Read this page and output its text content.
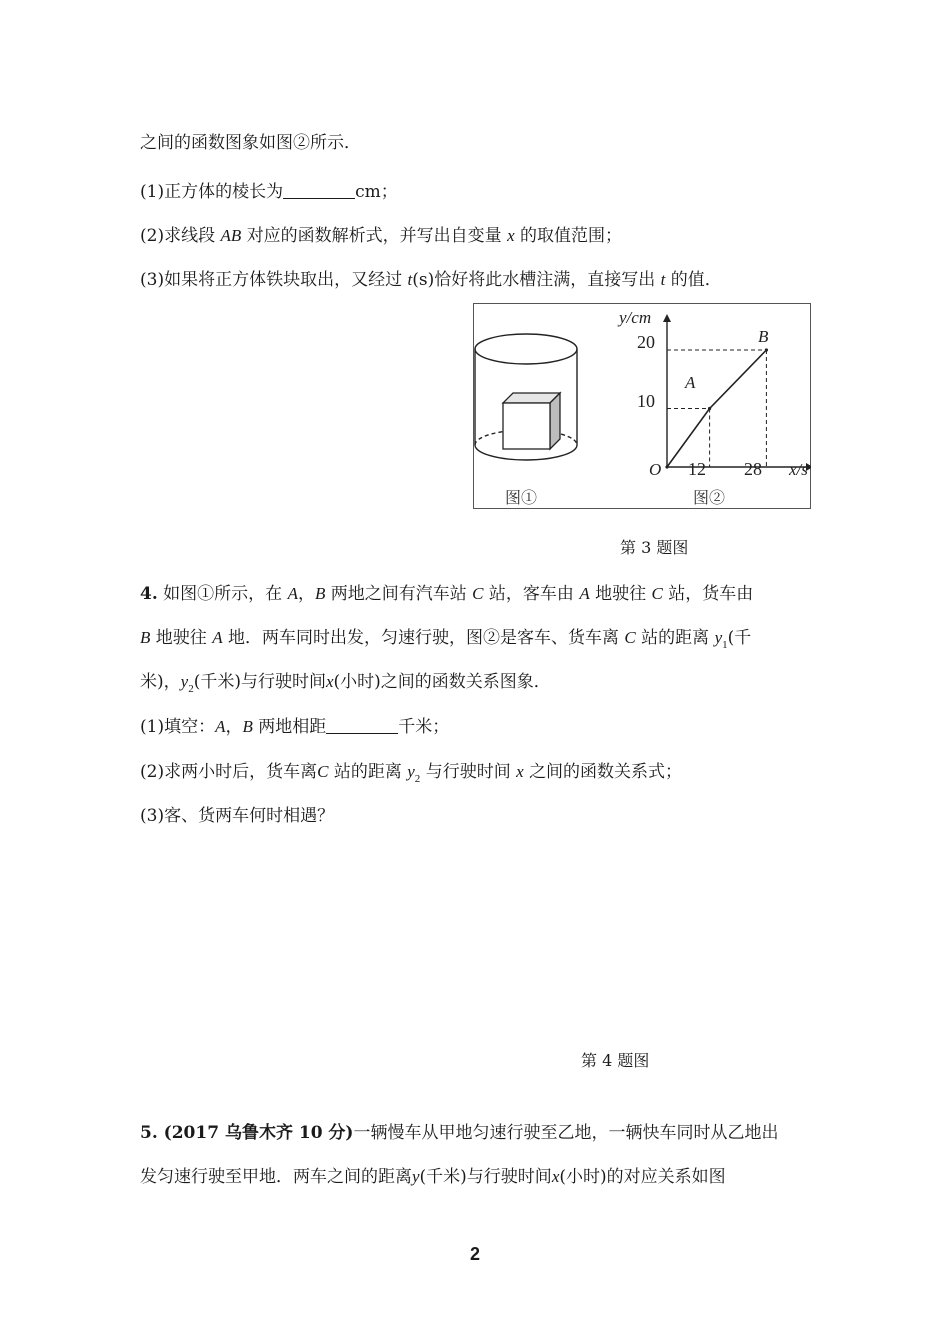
之间的函数图象如图②所示．
(1)正方体的棱长为	cm；
(2)求线段 AB 对应的函数解析式，并写出自变量 x 的取值范围；
(3)如果将正方体铁块取出，又经过 t(s)恰好将此水槽注满，直接写出 t 的值．
图①
y/cm
x/s
O
20
10
12 28
A
B
图②
第 3 题图
4. 如图①所示，在 A，B 两地之间有汽车站 C 站，客车由 A 地驶往 C 站，货车由
B 地驶往 A 地．两车同时出发，匀速行驶，图②是客车、货车离 C 站的距离 $y_1$(千
米)，$y_2$(千米)与行驶时间x(小时)之间的函数关系图象．
(1)填空：A，B 两地相距	千米；
(2)求两小时后，货车离C 站的距离 $y_2$ 与行驶时间 x 之间的函数关系式；
(3)客、货两车何时相遇？
第 4 题图
5. (2017 乌鲁木齐 10 分)一辆慢车从甲地匀速行驶至乙地，一辆快车同时从乙地出
发匀速行驶至甲地．两车之间的距离y(千米)与行驶时间x(小时)的对应关系如图
2
